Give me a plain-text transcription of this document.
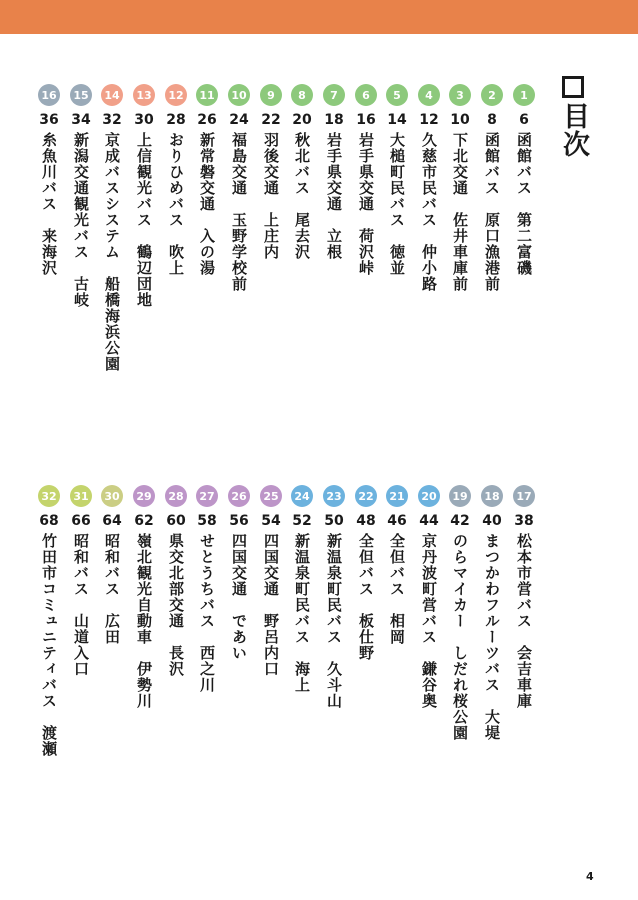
目次
1
6
函館バス　第二富磯
2
8
函館バス　原口漁港前
3
10
下北交通　佐井車庫前
4
12
久慈市民バス　仲小路
5
14
大槌町民バス　徳並
6
16
岩手県交通　荷沢峠
7
18
岩手県交通　立根
8
20
秋北バス　尾去沢
9
22
羽後交通　上庄内
10
24
福島交通　玉野学校前
11
26
新常磐交通　入の湯
12
28
おりひめバス　吹上
13
30
上信観光バス　鶴辺団地
14
32
京成バスシステム　船橋海浜公園
15
34
新潟交通観光バス　古岐
16
36
糸魚川バス　来海沢
17
38
松本市営バス　会吉車庫
18
40
まつかわフルーツバス　大堤
19
42
のらマイカー　しだれ桜公園
20
44
京丹波町営バス　鎌谷奥
21
46
全但バス　相岡
22
48
全但バス　板仕野
23
50
新温泉町民バス　久斗山
24
52
新温泉町民バス　海上
25
54
四国交通　野呂内口
26
56
四国交通　であい
27
58
せとうちバス　西之川
28
60
県交北部交通　長沢
29
62
嶺北観光自動車　伊勢川
30
64
昭和バス　広田
31
66
昭和バス　山道入口
32
68
竹田市コミュニティバス　渡瀬
4
